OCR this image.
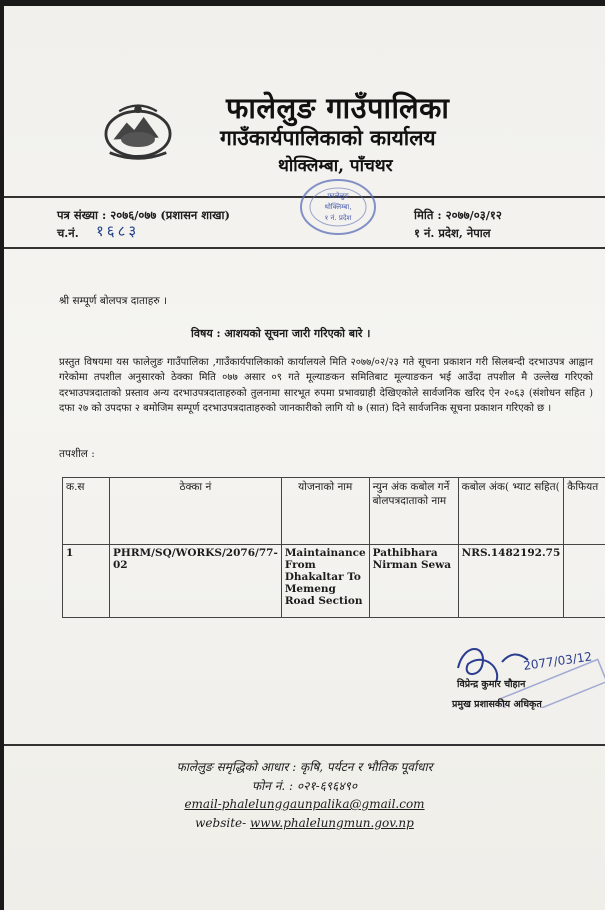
फालेलुङ गाउँपालिका
गाउँकार्यपालिकाको कार्यालय
थोक्लिम्बा, पाँचथर
पत्र संख्या : २०७६/०७७ (प्रशासन शाखा)
च.नं. १६८३
मिति : २०७७/०३/१२
१ नं. प्रदेश, नेपाल
फालेलुङ
थोक्लिम्बा,
१ नं. प्रदेश
श्री सम्पूर्ण बोलपत्र दाताहरु ।
विषय : आशयको सूचना जारी गरिएको बारे ।
प्रस्तुत विषयमा यस फालेलुङ गाउँपालिका ,गाउँकार्यपालिकाको कार्यालयले मिति २०७७/०२/२३ गते सूचना प्रकाशन गरी सिलबन्दी दरभाउपत्र आह्वान गरेकोमा तपशील अनुसारको ठेक्का मिति ०७७ असार ०९ गते मूल्याङकन समितिबाट मूल्याङकन भई आउँदा तपशील मै उल्लेख गरिएको दरभाउपत्रदाताको प्रस्ताव अन्य दरभाउपत्रदाताहरुको तुलनामा सारभूत रुपमा प्रभावग्राही देखिएकोले सार्वजनिक खरिद ऐन २०६३ (संशोधन सहित ) दफा २७ को उपदफा २ बमोजिम सम्पूर्ण दरभाउपत्रदाताहरुको जानकारीको लागि यो ७ (सात) दिने सार्वजनिक सूचना प्रकाशन गरिएको छ ।
तपशील :
क.स	ठेक्का नं	योजनाको नाम	न्युन अंक कबोल गर्ने बोलपत्रदाताको नाम	कबोल अंक( भ्याट सहित(	कैफियत
1	PHRM/SQ/WORKS/2076/77-02	Maintainance From Dhakaltar To Memeng Road Section	Pathibhara Nirman Sewa	NRS.1482192.75	
2077/03/12
विप्रेन्द्र कुमार चौहान
प्रमुख प्रशासकीय अधिकृत
फालेलुङ समृद्धिको आधार : कृषि, पर्यटन र भौतिक पूर्वाधार
फोन नं. : ०२१-६९६४९०
email-phalelunggaunpalika@gmail.com
website- www.phalelungmun.gov.np
